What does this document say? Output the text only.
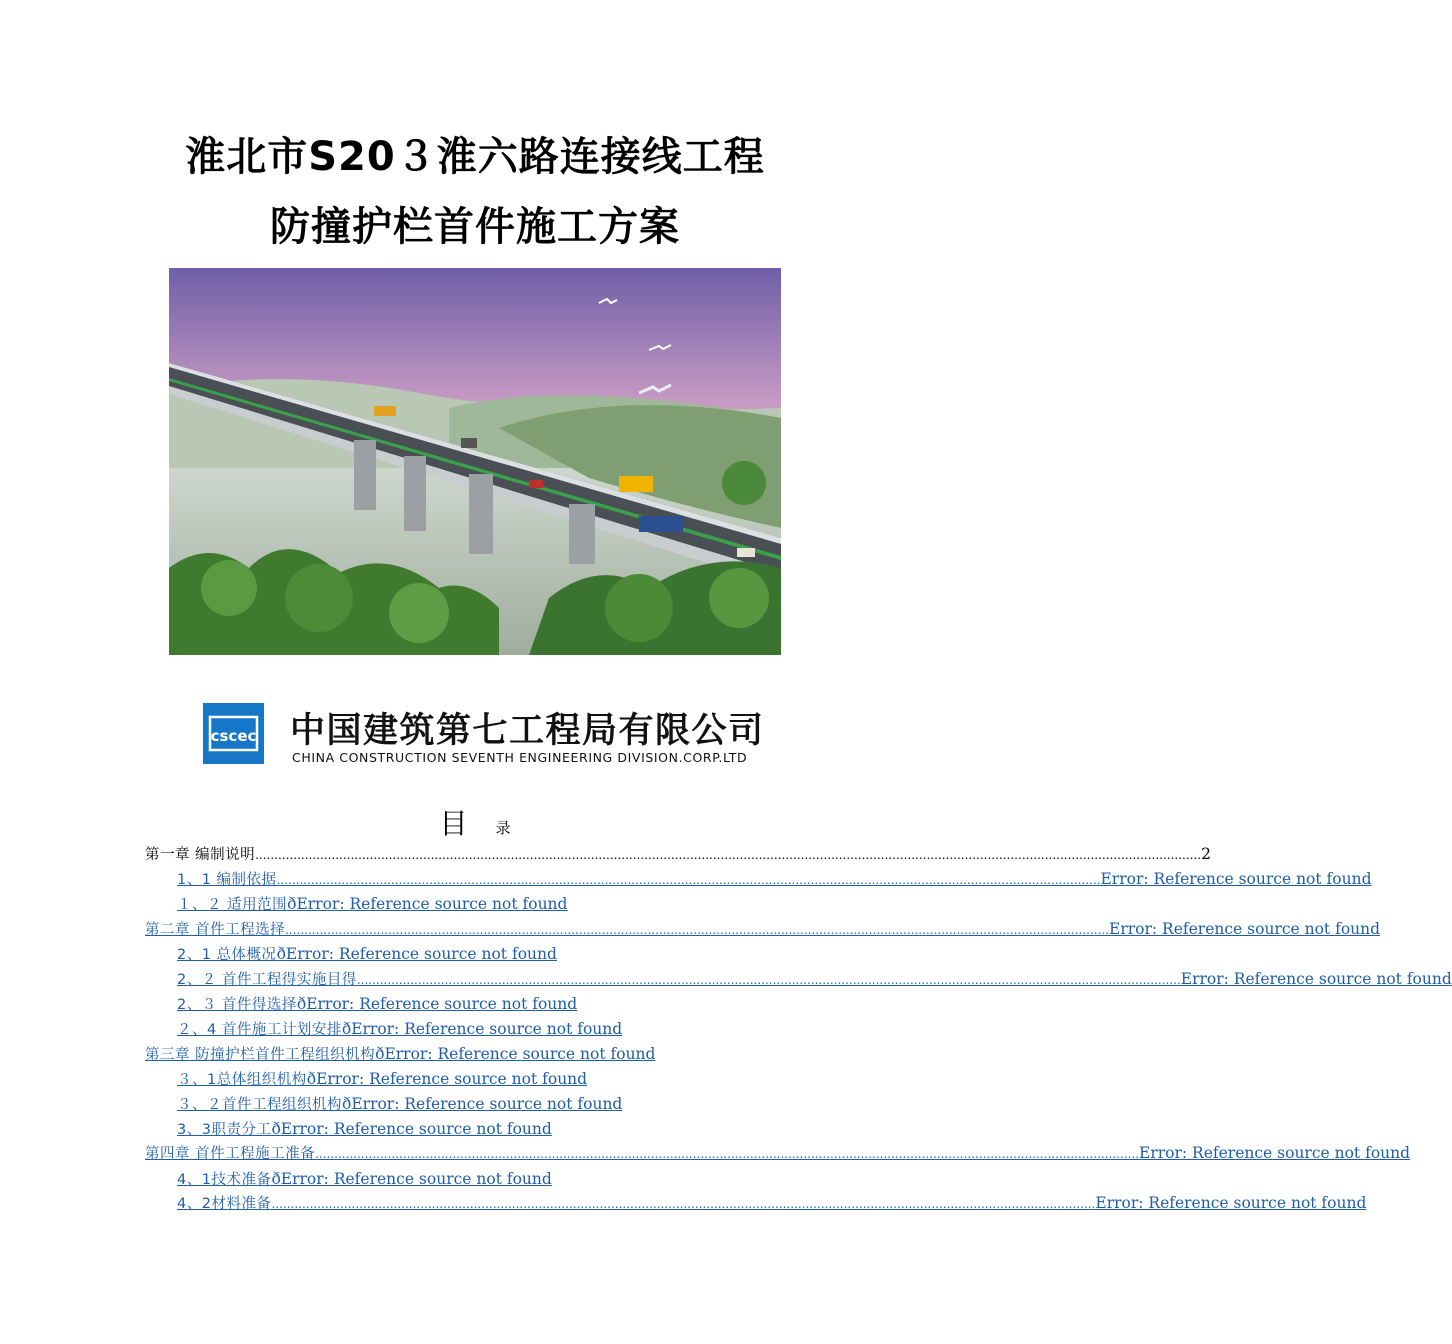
淮北市S20３淮六路连接线工程
防撞护栏首件施工方案
cscec 中国建筑第七工程局有限公司
CHINA CONSTRUCTION SEVENTH ENGINEERING DIVISION.CORP.LTD
目 录
第一章 编制说明 ........................................................................................................................................................................................................................................................ 2
1、1 编制依据 ........................................................................................................................................................................................................................ Error: Reference source not found
１、２ 适用范围 ð Error: Reference source not found
第二章 首件工程选择 ........................................................................................................................................................................................................................ Error: Reference source not found
2、1 总体概况 ð Error: Reference source not found
2、２ 首件工程得实施目得 ........................................................................................................................................................................................................................ Error: Reference source not found
2、３ 首件得选择 ð Error: Reference source not found
２、4 首件施工计划安排 ð Error: Reference source not found
第三章 防撞护栏首件工程组织机构 ð Error: Reference source not found
３、1总体组织机构 ð Error: Reference source not found
３、２首件工程组织机构 ð Error: Reference source not found
3、3职责分工 ð Error: Reference source not found
第四章 首件工程施工准备 ........................................................................................................................................................................................................................ Error: Reference source not found
4、1技术准备 ð Error: Reference source not found
4、2材料准备 ........................................................................................................................................................................................................................ Error: Reference source not found
